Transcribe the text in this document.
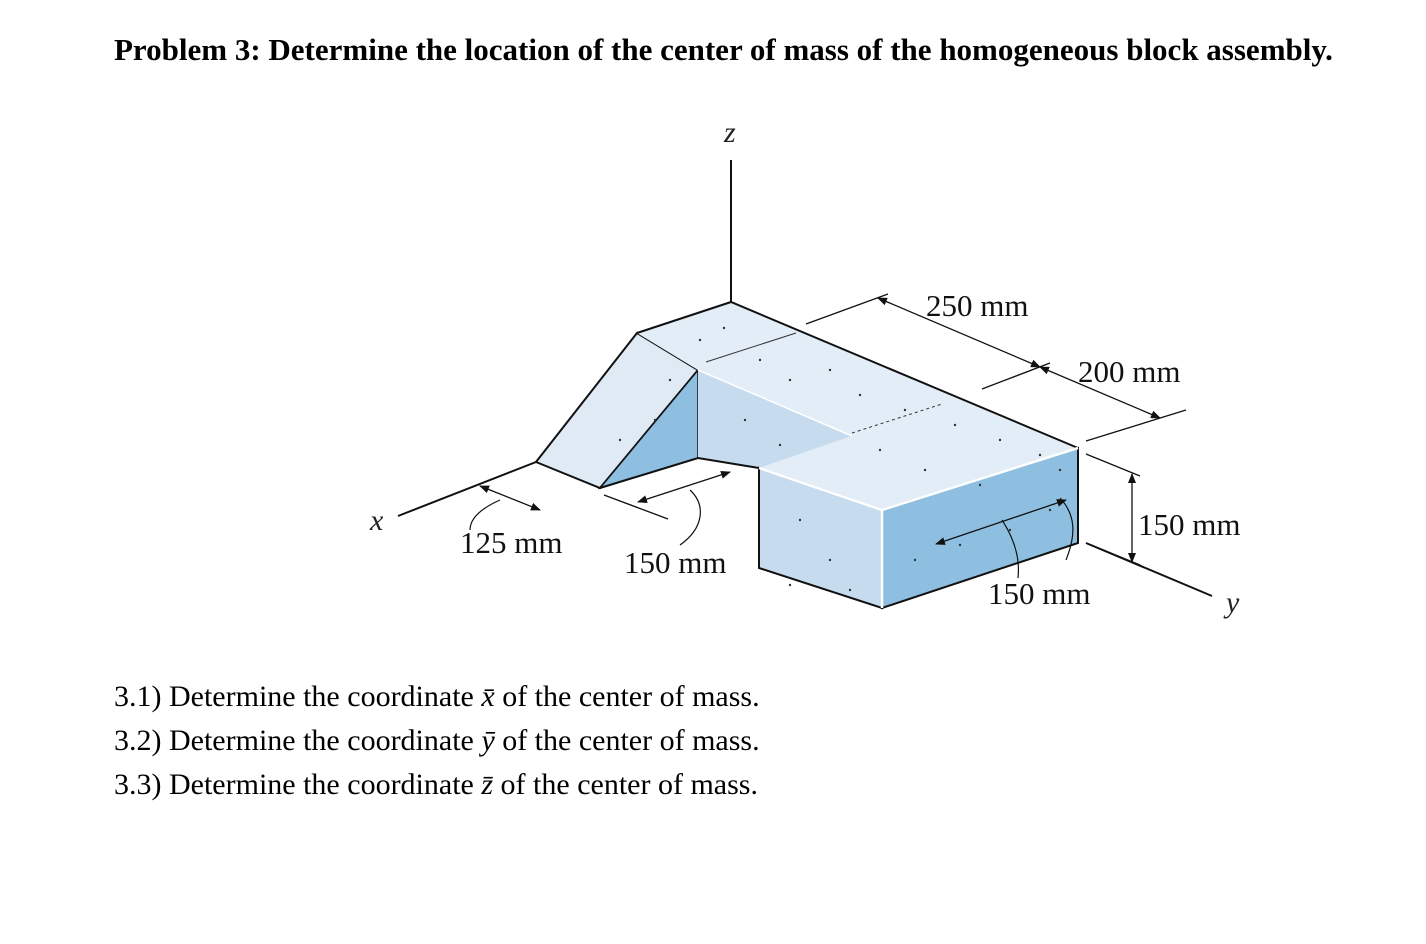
Problem 3: Determine the location of the center of mass of the homogeneous block assembly.
250 mm
200 mm
150 mm
150 mm
125 mm
150 mm
z
x
y
3.1) Determine the coordinate x̄ of the center of mass.
3.2) Determine the coordinate ȳ of the center of mass.
3.3) Determine the coordinate z̄ of the center of mass.
